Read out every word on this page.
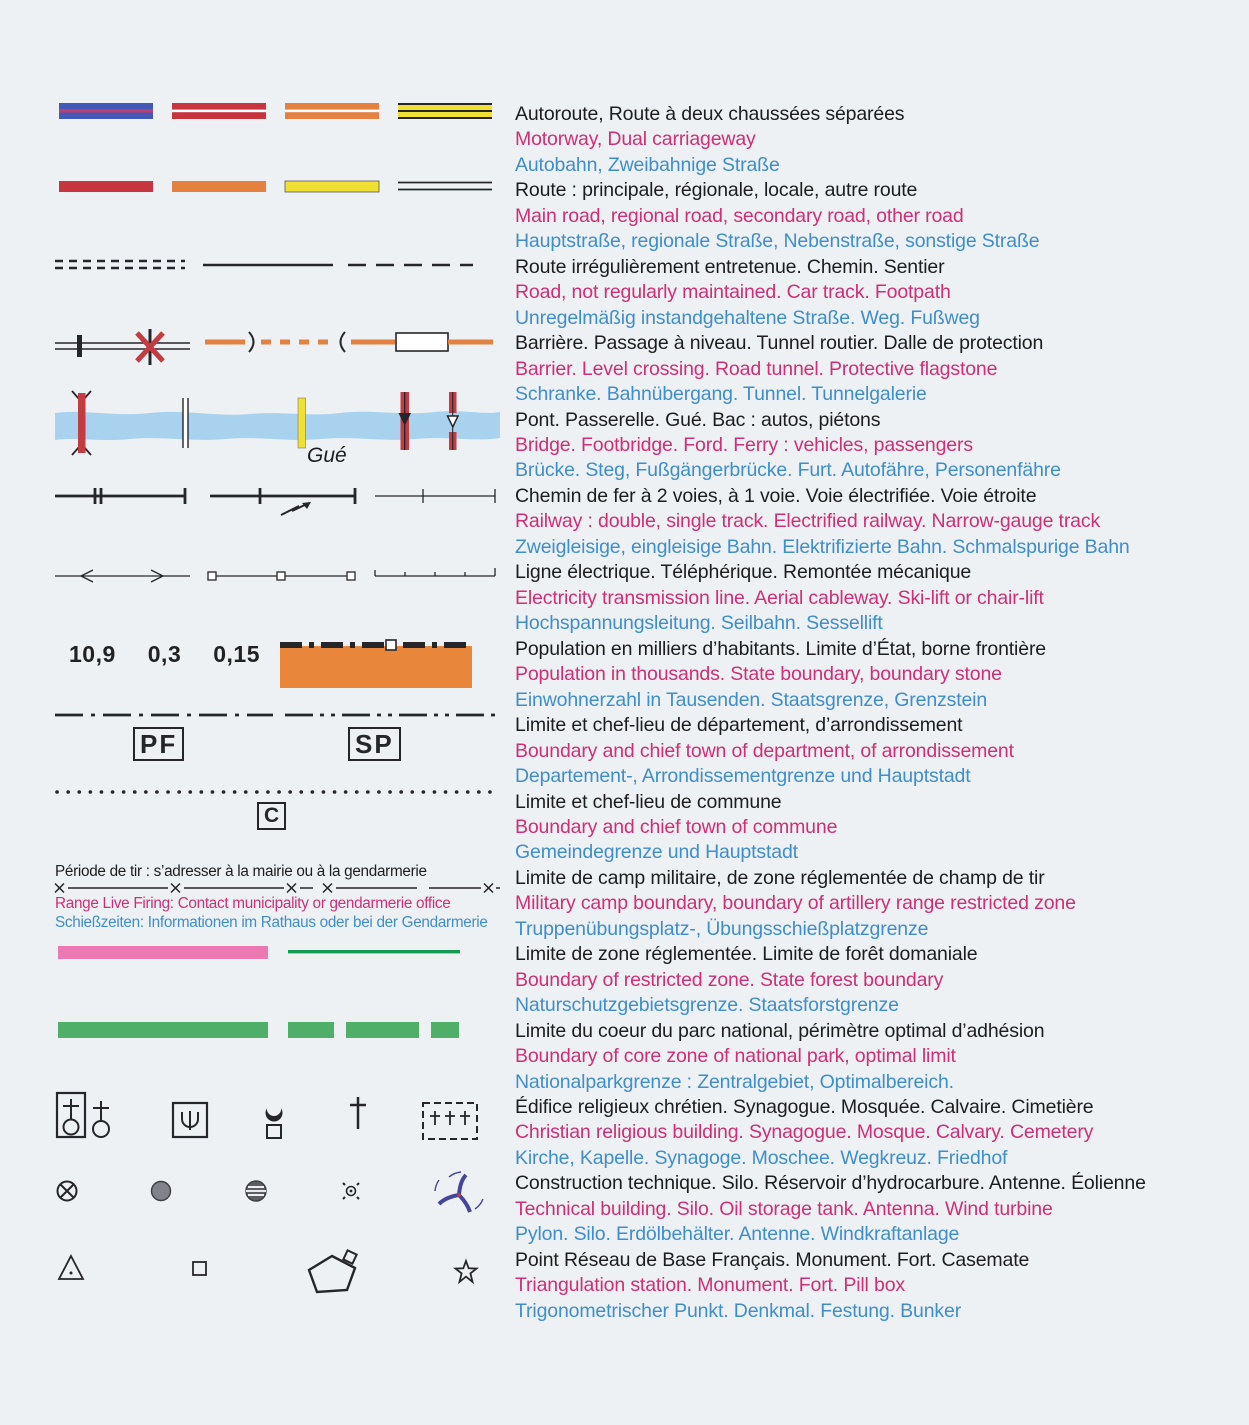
Autoroute, Route à deux chaussées séparées
Motorway, Dual carriageway
Autobahn, Zweibahnige Straße
Route : principale, régionale, locale, autre route
Main road, regional road, secondary road, other road
Hauptstraße, regionale Straße, Nebenstraße, sonstige Straße
Route irrégulièrement entretenue. Chemin. Sentier
Road, not regularly maintained. Car track. Footpath
Unregelmäßig instandgehaltene Straße. Weg. Fußweg
Barrière. Passage à niveau. Tunnel routier. Dalle de protection
Barrier. Level crossing. Road tunnel. Protective flagstone
Schranke. Bahnübergang. Tunnel. Tunnelgalerie
Gué
Pont. Passerelle. Gué. Bac : autos, piétons
Bridge. Footbridge. Ford. Ferry : vehicles, passengers
Brücke. Steg, Fußgängerbrücke. Furt. Autofähre, Personenfähre
Chemin de fer à 2 voies, à 1 voie. Voie électrifiée. Voie étroite
Railway : double, single track. Electrified railway. Narrow-gauge track
Zweigleisige, eingleisige Bahn. Elektrifizierte Bahn. Schmalspurige Bahn
Ligne électrique. Téléphérique. Remontée mécanique
Electricity transmission line. Aerial cableway. Ski-lift or chair-lift
Hochspannungsleitung. Seilbahn. Sessellift
10,9 0,3 0,15	Population en milliers d’habitants. Limite d’État, borne frontière
Population in thousands. State boundary, boundary stone
Einwohnerzahl in Tausenden. Staatsgrenze, Grenzstein
PF	SP
Limite et chef-lieu de département, d’arrondissement
Boundary and chief town of department, of arrondissement
Departement-, Arrondissementgrenze und Hauptstadt
C
Limite et chef-lieu de commune
Boundary and chief town of commune
Gemeindegrenze und Hauptstadt
Période de tir : s’adresser à la mairie ou à la gendarmerie
Range Live Firing: Contact municipality or gendarmerie office
Schießzeiten: Informationen im Rathaus oder bei der Gendarmerie
Limite de camp militaire, de zone réglementée de champ de tir
Military camp boundary, boundary of artillery range restricted zone
Truppenübungsplatz-, Übungsschießplatzgrenze
Limite de zone réglementée. Limite de forêt domaniale
Boundary of restricted zone. State forest boundary
Naturschutzgebietsgrenze. Staatsforstgrenze
Limite du coeur du parc national, périmètre optimal d’adhésion
Boundary of core zone of national park, optimal limit
Nationalparkgrenze : Zentralgebiet, Optimalbereich.
Édifice religieux chrétien. Synagogue. Mosquée. Calvaire. Cimetière
Christian religious building. Synagogue. Mosque. Calvary. Cemetery
Kirche, Kapelle. Synagoge. Moschee. Wegkreuz. Friedhof
Construction technique. Silo. Réservoir d’hydrocarbure. Antenne. Éolienne
Technical building. Silo. Oil storage tank. Antenna. Wind turbine
Pylon. Silo. Erdölbehälter. Antenne. Windkraftanlage
Point Réseau de Base Français. Monument. Fort. Casemate
Triangulation station. Monument. Fort. Pill box
Trigonometrischer Punkt. Denkmal. Festung. Bunker
